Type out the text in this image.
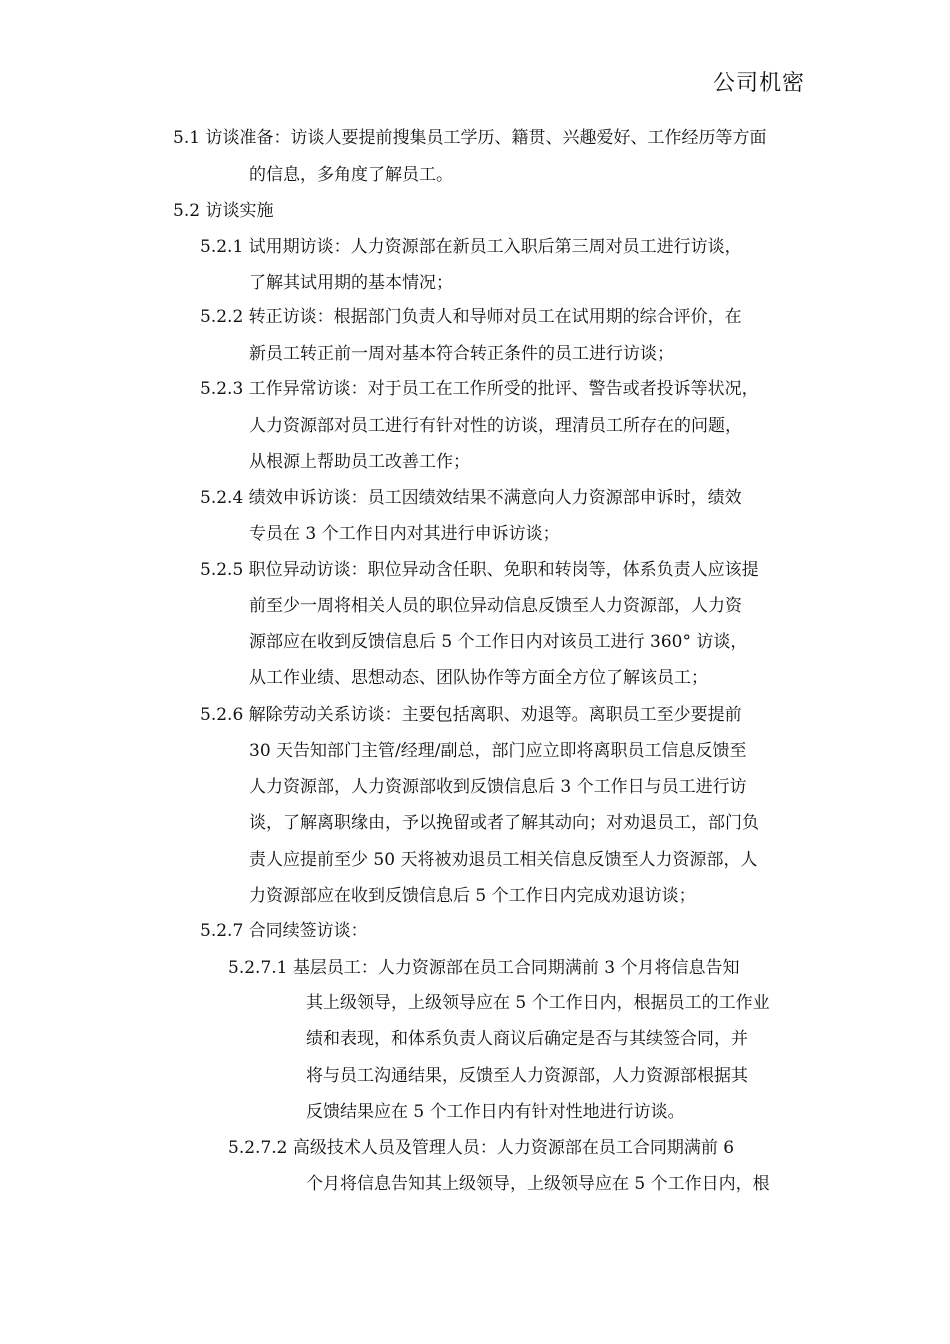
公司机密
5.1 访谈准备：访谈人要提前搜集员工学历、籍贯、兴趣爱好、工作经历等方面
的信息，多角度了解员工。
5.2 访谈实施
5.2.1 试用期访谈：人力资源部在新员工入职后第三周对员工进行访谈，
了解其试用期的基本情况；
5.2.2 转正访谈：根据部门负责人和导师对员工在试用期的综合评价，在
新员工转正前一周对基本符合转正条件的员工进行访谈；
5.2.3 工作异常访谈：对于员工在工作所受的批评、警告或者投诉等状况，
人力资源部对员工进行有针对性的访谈，理清员工所存在的问题，
从根源上帮助员工改善工作；
5.2.4 绩效申诉访谈：员工因绩效结果不满意向人力资源部申诉时，绩效
专员在 3 个工作日内对其进行申诉访谈；
5.2.5 职位异动访谈：职位异动含任职、免职和转岗等，体系负责人应该提
前至少一周将相关人员的职位异动信息反馈至人力资源部，人力资
源部应在收到反馈信息后 5 个工作日内对该员工进行 360° 访谈，
从工作业绩、思想动态、团队协作等方面全方位了解该员工；
5.2.6 解除劳动关系访谈：主要包括离职、劝退等。离职员工至少要提前
30 天告知部门主管/经理/副总，部门应立即将离职员工信息反馈至
人力资源部，人力资源部收到反馈信息后 3 个工作日与员工进行访
谈，了解离职缘由，予以挽留或者了解其动向；对劝退员工，部门负
责人应提前至少 50 天将被劝退员工相关信息反馈至人力资源部，人
力资源部应在收到反馈信息后 5 个工作日内完成劝退访谈；
5.2.7 合同续签访谈：
5.2.7.1 基层员工：人力资源部在员工合同期满前 3 个月将信息告知
其上级领导，上级领导应在 5 个工作日内，根据员工的工作业
绩和表现，和体系负责人商议后确定是否与其续签合同，并
将与员工沟通结果，反馈至人力资源部，人力资源部根据其
反馈结果应在 5 个工作日内有针对性地进行访谈。
5.2.7.2 高级技术人员及管理人员：人力资源部在员工合同期满前 6
个月将信息告知其上级领导，上级领导应在 5 个工作日内，根
